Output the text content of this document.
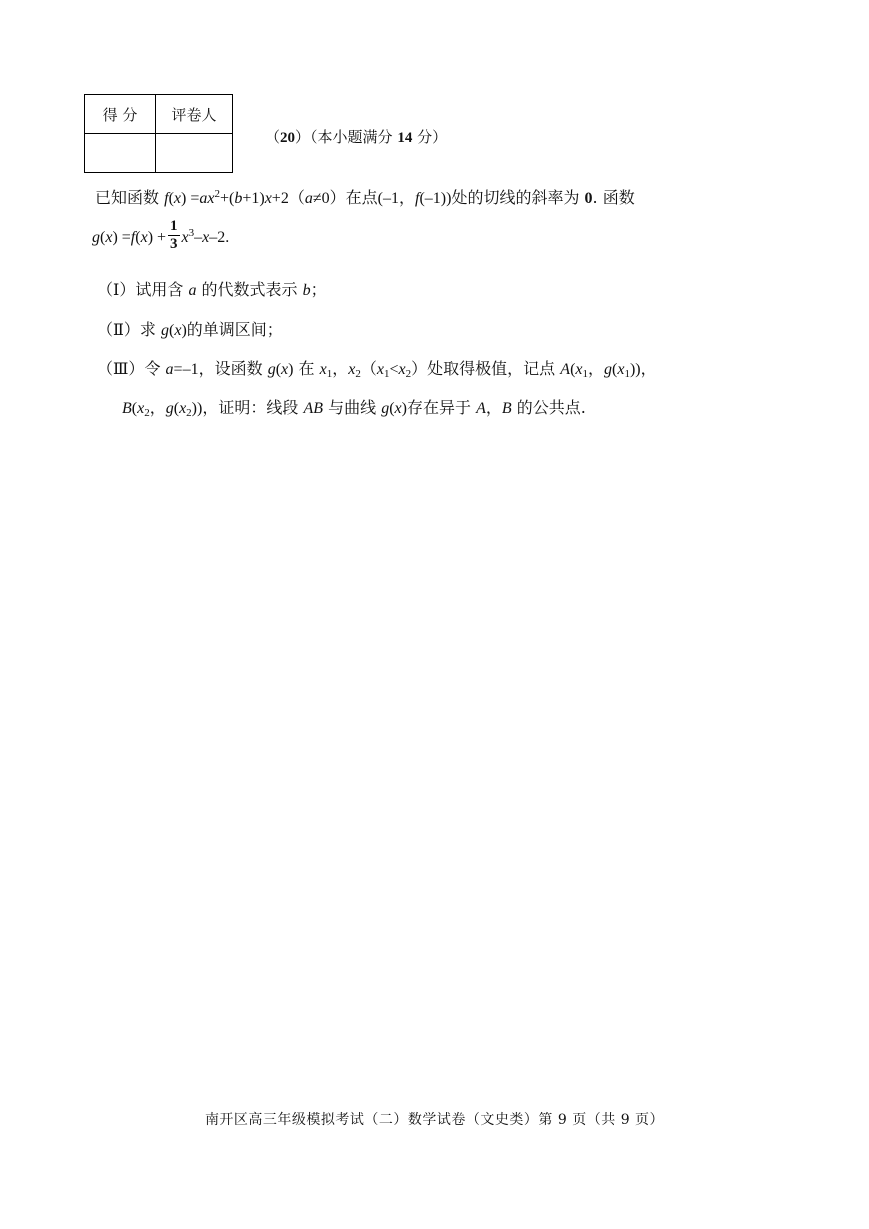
得 分	评卷人

（20）（本小题满分 14 分）
已知函数 $f(x) =ax^2+(b+1)x+2(a\ne 0)$在点(–1，f(–1))处的切线的斜率为 0. 函数
$g(x) =f(x) + \frac{1}{3} x^3-x-2$.
（Ⅰ）试用含 a 的代数式表示 b；
（Ⅱ）求 g(x)的单调区间；
（Ⅲ）令 a=–1，设函数 g(x) 在 $x_1$，$x_2(x_1<x_2)$处取得极值，记点 $A(x_1$，$g(x_1)$)，
$B(x_2$，$g(x_2)$)，证明：线段 AB 与曲线 g(x)存在异于 A，B 的公共点.
南开区高三年级模拟考试（二）数学试卷（文史类）第 9 页（共 9 页）
